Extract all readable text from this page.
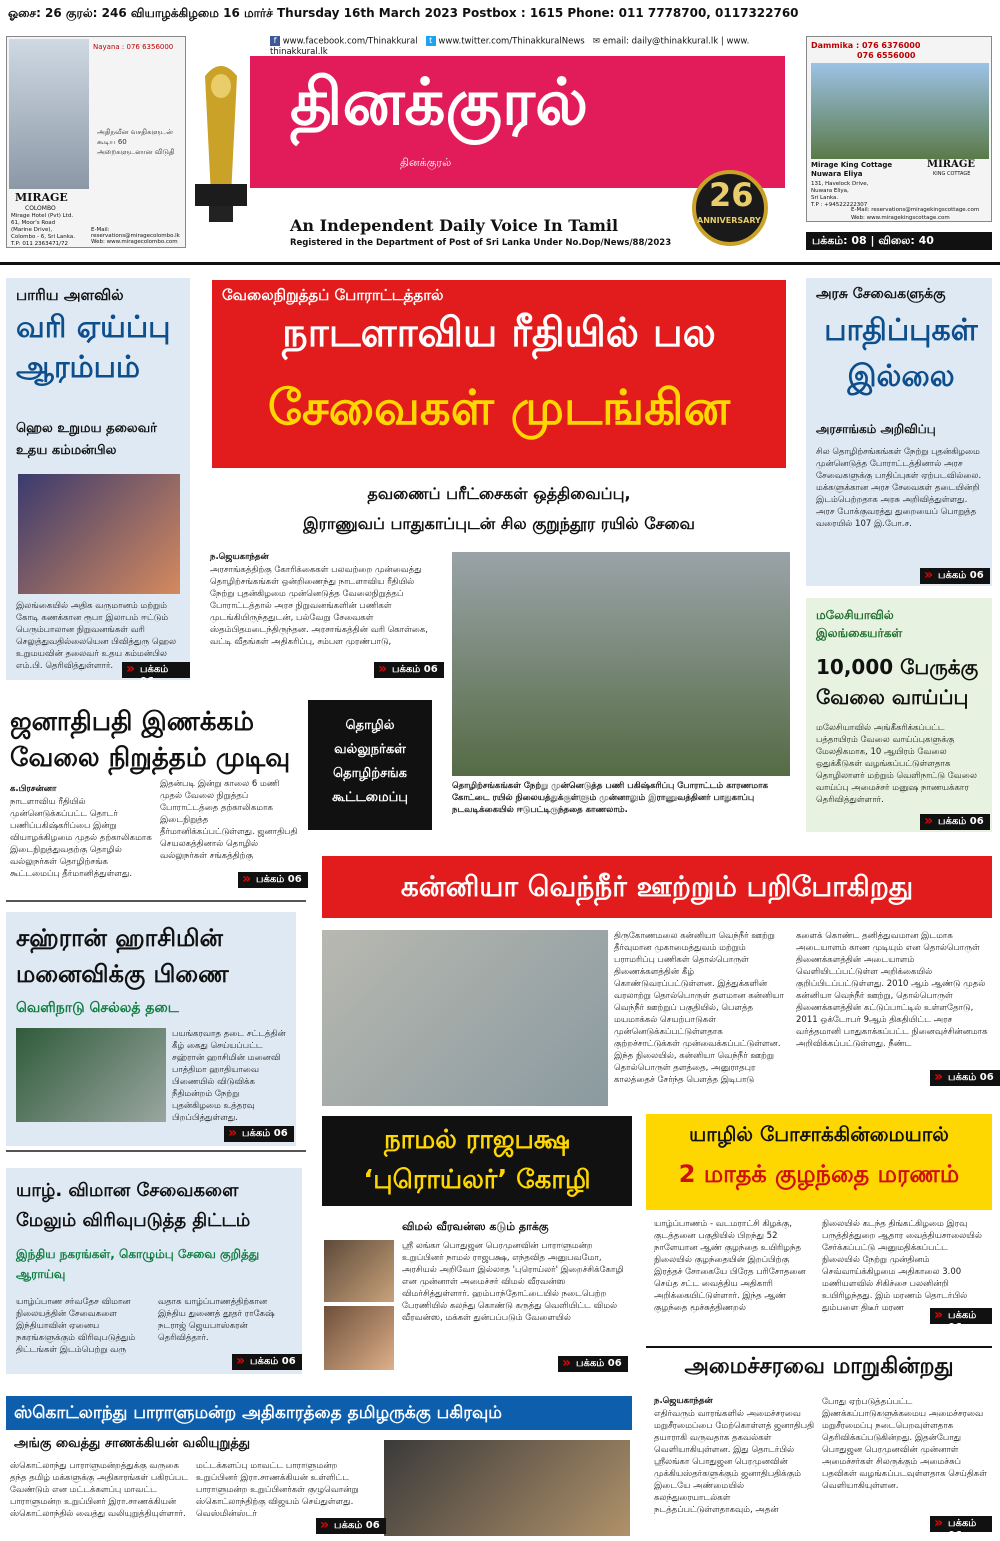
ஓசை: 26 குரல்: 246 வியாழக்கிழமை 16 மார்ச் Thursday 16th March 2023 Postbox : 1615 Phone: 011 7778700, 0117322760
Nayana : 076 6356000
அதிநவீன வசதிகளுடன் கூடிய 60 அறைகளுடனான விடுதி
MIRAGE
COLOMBO
Mirage Hotel (Pvt) Ltd.
61, Moor's Road
(Marine Drive),
Colombo - 6, Sri Lanka.
T.P: 011 2363471/72
E-Mail: reservations@miragecolombo.lk
Web: www.miragecolombo.com
f www.facebook.com/Thinakkural t www.twitter.com/ThinakkuralNews ✉ email: daily@thinakkural.lk | www. thinakkural.lk
தினக்குரல்
தினக்குரல்
An Independent Daily Voice In Tamil
Registered in the Department of Post of Sri Lanka Under No.Dop/News/88/2023
26
ANNIVERSARY
Dammika : 076 6376000
076 6556000
MIRAGE
KING COTTAGE
Mirage King Cottage
Nuwara Eliya
131, Havelock Drive,
Nuwara Eliya,
Sri Lanka.
T.P : +94522222307
E-Mail: reservations@miragekingscottage.com
Web: www.miragekingscottage.com
பக்கம்: 08 | விலை: 40
பாரிய அளவில்
வரி ஏய்ப்பு ஆரம்பம்
ஹெல உறுமய தலைவர் உதய கம்மன்பில
இலங்கையில் அதிக வருமானம் மற்றும் கோடி கணக்கான ரூபா இலாபம் ஈட்டும் பெரும்பாலான நிறுவனங்கள் வரி செலுத்துவதில்லையென பிவித்துரு ஹெல உறுமயவின் தலைவர் உதய கம்மன்பில எம்.பி. தெரிவித்துள்ளார்.
»	பக்கம் 06
வேலைநிறுத்தப் போராட்டத்தால்
நாடளாவிய ரீதியில் பல
சேவைகள் முடங்கின
தவணைப் பரீட்சைகள் ஒத்திவைப்பு,
இராணுவப் பாதுகாப்புடன் சில குறுந்தூர ரயில் சேவை
ந.ஜெயகாந்தன்
அரசாங்கத்திற்கு கோரிக்கைகள் பலவற்றை முன்வைத்து தொழிற்சங்கங்கள் ஒன்றிணைந்து நாடளாவிய ரீதியில் நேற்று புதன்கிழமை முன்னெடுத்த வேலைநிறுத்தப் போராட்டத்தால் அரச நிறுவனங்களின் பணிகள் முடங்கியிருந்ததுடன், பல்வேறு சேவைகள் ஸ்தம்பிதமடைந்திருந்தன. அரசாங்கத்தின் வரி கொள்கை, வட்டி வீதங்கள் அதிகரிப்பு, சம்பள முரண்பாடு,
» பக்கம் 06
தொழிற்சங்கங்கள் நேற்று முன்னெடுத்த பணி பகிஷ்கரிப்பு போராட்டம் காரணமாக கோட்டை ரயில் நிலையத்துக்குள்ளும் முன்னாலும் இராணுவத்தினர் பாதுகாப்பு நடவடிக்கையில் ஈடுபட்டிருந்ததை காணலாம்.
அரசு சேவைகளுக்கு
பாதிப்புகள் இல்லை
அரசாங்கம் அறிவிப்பு
சில தொழிற்சங்கங்கள் நேற்று புதன்கிழமை முன்னெடுத்த போராட்டத்தினால் அரச சேவைகளுக்கு பாதிப்புகள் ஏற்படவில்லை. மக்களுக்கான அரச சேவைகள் தடையின்றி இடம்பெற்றதாக அரசு அறிவித்துள்ளது. அரச போக்குவரத்து துறையைப் பொறுத்த வரையில் 107 இ.போ.ச.
» பக்கம் 06
மலேசியாவில் இலங்கையர்கள்
10,000 பேருக்கு வேலை வாய்ப்பு
மலேசியாவில் அங்கீகரிக்கப்பட்ட பத்தாயிரம் வேலை வாய்ப்புகளுக்கு மேலதிகமாக, 10 ஆயிரம் வேலை ஒதுக்கீடுகள் வழங்கப்பட்டுள்ளதாக தொழிலாளர் மற்றும் வெளிநாட்டு வேலை வாய்ப்பு அமைச்சர் மனுஷ நாணயக்கார தெரிவித்துள்ளார்.
» பக்கம் 06
ஜனாதிபதி இணக்கம் வேலை நிறுத்தம் முடிவு
க.பிரசன்னா
நாடளாவிய ரீதியில் முன்னெடுக்கப்பட்ட தொடர் பணிப்பகிஷ்கரிப்பை இன்று வியாழக்கிழமை முதல் தற்காலிகமாக இடைநிறுத்துவதற்கு தொழில் வல்லுநர்கள் தொழிற்சங்க கூட்டமைப்பு தீர்மானித்துள்ளது.
இதன்படி இன்று காலை 6 மணி முதல் வேலை நிறுத்தப் போராட்டத்தை தற்காலிகமாக இடைநிறுத்த தீர்மானிக்கப்பட்டுள்ளது. ஜனாதிபதி செயலகத்தினால் தொழில் வல்லுநர்கள் சங்கத்திற்கு
தொழில் வல்லுநர்கள் தொழிற்சங்க கூட்டமைப்பு
» பக்கம் 06	கன்னியா வெந்நீர் ஊற்றும் பறிபோகிறது
திருகோணமலை கன்னியா வெந்நீர் ஊற்று தீர்வுமான முகாமைத்துவம் மற்றும் பராமரிப்பு பணிகள் தொல்பொருள் திணைக்களத்தின் கீழ் கொண்டுவரப்பட்டுள்ளன. இத்துக்களின் வரலாற்று தொல்பொருள் தளமான கன்னியா வெந்நீர் ஊற்றுப் பகுதியில், பௌத்த மயமாக்கல் செயற்பாடுகள் முன்னெடுக்கப்பட்டுள்ளதாக குற்றச்சாட்டுக்கள் முன்வைக்கப்பட்டுள்ளன. இந்த நிலையில், கன்னியா வெந்நீர் ஊற்று தொல்பொருள் தளத்தை, அனுராதபுர காலத்தைச் சேர்ந்த பௌத்த இடிபாடு
களைக் கொண்ட தனித்துவமான இடமாக அடையாளம் காண முடியும் என தொல்பொருள் திணைக்களத்தின் அடையாளம் வெளியிடப்பட்டுள்ள அறிக்கையில் குறிப்பிடப்பட்டுள்ளது. 2010 ஆம் ஆண்டு முதல் கன்னியா வெந்நீர் ஊற்று, தொல்பொருள் திணைக்களத்தின் கட்டுப்பாட்டில் உள்ளதோடு, 2011 ஒக்டோபர் 9ஆம் திகதியிட்ட அரச வர்த்தமானி பாதுகாக்கப்பட்ட நினைவுச்சின்னமாக அறிவிக்கப்பட்டுள்ளது. நீண்ட
» பக்கம் 06
சஹ்ரான் ஹாசிமின் மனைவிக்கு பிணை
வெளிநாடு செல்லத் தடை
பயங்கரவாத தடை சட்டத்தின் கீழ் கைது செய்யப்பட்ட சஹ்ரான் ஹாசிமின் மனைவி பாத்திமா ஹாதியாவை பிணையில் விடுவிக்க நீதிமன்றம் நேற்று புதன்கிழமை உத்தரவு பிறப்பித்துள்ளது.
» பக்கம் 06	நாமல் ராஜபக்ஷ ‘புரொய்லர்’ கோழி
விமல் வீரவன்ஸ கடும் தாக்கு
ஸ்ரீ லங்கா பொதுஜன பெரமுனவின் பாராளுமன்ற உறுப்பினர் நாமல் ராஜபக்ஷ, எந்தவித அனுபவமோ, அரசியல் அறிவோ இல்லாத 'புரொய்லர்' இறைச்சிக்கோழி என முன்னாள் அமைச்சர் விமல் வீரவன்ஸ விமர்சித்துள்ளார். ஹம்பாந்தோட்டையில் நடைபெற்ற பேரணியில் கலந்து கொண்டு கருத்து வெளியிட்ட விமல் வீரவன்ஸ, மக்கள் துன்பப்படும் வேளையில்
» பக்கம் 06
யாழில் போசாக்கின்மையால்
2 மாதக் குழந்தை மரணம்
யாழ்ப்பாணம் - வடமராட்சி கிழக்கு, குடத்தனை பகுதியில் பிறந்து 52 நாளேயான ஆண் குழந்தை உயிரிழந்த நிலையில் குழந்தையின் இறப்பிற்கு இரத்தச் சோகையே பிரேத பரிசோதனை செய்த சட்ட வைத்திய அதிகாரி அறிக்கையிட்டுள்ளார். இந்த ஆண் குழந்தை மூச்சுத்திணறல்
நிலையில் கடந்த திங்கட்கிழமை இரவு பருத்தித்துறை ஆதார வைத்தியசாலையில் சேர்க்கப்பட்டு அனுமதிக்கப்பட்ட நிலையில் நேற்று முன்தினம் செவ்வாய்க்கிழமை அதிகாலை 3.00 மணியளவில் சிகிச்சை பலனின்றி உயிரிழந்தது. இம் மரணம் தொடர்பில் தும்பளை திடீர் மரண
» பக்கம் 06
யாழ். விமான சேவைகளை மேலும் விரிவுபடுத்த திட்டம்
இந்திய நகரங்கள், கொழும்பு சேவை குறித்து ஆராய்வு
யாழ்ப்பாண சர்வதேச விமான நிலையத்தின் சேவைகளை இந்தியாவின் ஏனைய நகரங்களுக்கும் விரிவுபடுத்தும் திட்டங்கள் இடம்பெற்று வரு
வதாக யாழ்ப்பாணத்திற்கான இந்திய துணைத் தூதர் ராகேஷ் நடராஜ் ஜெயபாஸ்கரன் தெரிவித்தார்.
» பக்கம் 06	அமைச்சரவை மாறுகின்றது
ந.ஜெயகாந்தன்
எதிர்வரும் வாரங்களில் அமைச்சரவை மறுசீரமைப்பை மேற்கொள்ளத் ஜனாதிபதி தயாராகி வருவதாக தகவல்கள் வெளியாகியுள்ளன. இது தொடர்பில் ஸ்ரீலங்கா பொதுஜன பெரமுனவின் முக்கியஸ்தர்களுக்கும் ஜனாதிபதிக்கும் இடையே அண்மையில் கலந்துரையாடல்கள் நடத்தப்பட்டுள்ளதாகவும், அதன்
போது ஏற்படுத்தப்பட்ட இணக்கப்பாடுகளுக்கமைய அமைச்சரவை மறுசீரமைப்பு நடைபெறவுள்ளதாக தெரிவிக்கப்படுகின்றது. இதன்போது பொதுஜன பெரமுனவின் முன்னாள் அமைச்சர்கள் சிலருக்கும் அமைச்சுப் பதவிகள் வழங்கப்படவுள்ளதாக செய்திகள் வெளியாகியுள்ளன.
» பக்கம் 06
ஸ்கொட்லாந்து பாராளுமன்ற அதிகாரத்தை தமிழருக்கு பகிரவும்
அங்கு வைத்து சாணக்கியன் வலியுறுத்து
ஸ்கொட்லாந்து பாராளுமன்றத்துக்கு வருகை தந்த தமிழ் மக்களுக்கு அதிகாரங்கள் பகிரப்பட வேண்டும் என மட்டக்களப்பு மாவட்ட பாராளுமன்ற உறுப்பினர் இரா.சாணக்கியன் ஸ்கொட்லாந்தில் வைத்து வலியுறுத்தியுள்ளார்.
மட்டக்களப்பு மாவட்ட பாராளுமன்ற உறுப்பினர் இரா.சாணக்கியன் உள்ளிட்ட பாராளுமன்ற உறுப்பினர்கள் குழுவொன்று ஸ்கொட்லாந்திற்கு விஜயம் செய்துள்ளது. வெஸ்மின்ஸ்டர்
» பக்கம் 06
